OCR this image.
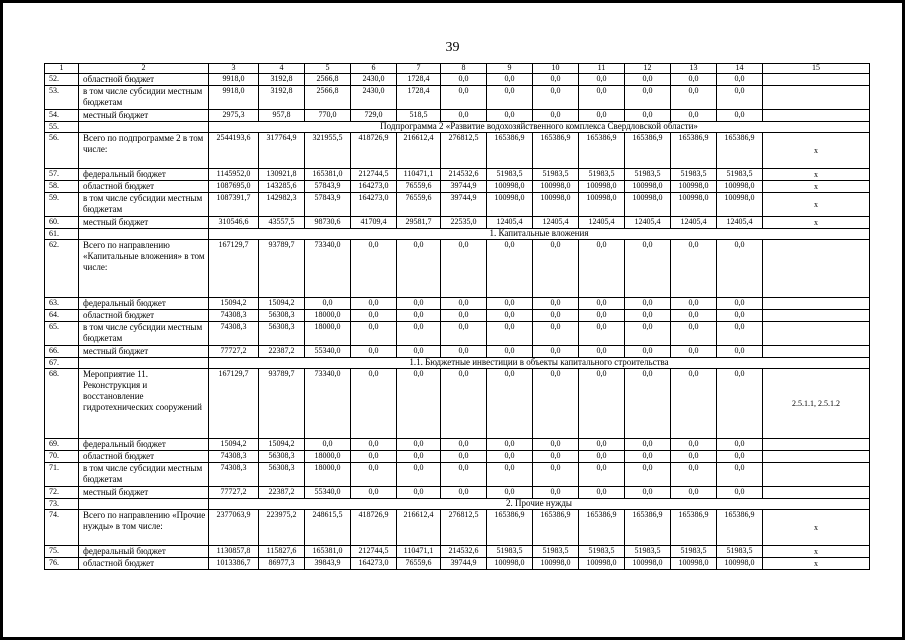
39
1	2	3	4	5	6	7	8	9	10	11	12	13	14	15
52.	областной бюджет	9918,0	3192,8	2566,8	2430,0	1728,4	0,0	0,0	0,0	0,0	0,0	0,0	0,0	
53.	в том числе субсидии местным бюджетам	9918,0	3192,8	2566,8	2430,0	1728,4	0,0	0,0	0,0	0,0	0,0	0,0	0,0	
54.	местный бюджет	2975,3	957,8	770,0	729,0	518,5	0,0	0,0	0,0	0,0	0,0	0,0	0,0	
55.		Подпрограмма 2 «Развитие водохозяйственного комплекса Свердловской области»												
56.	Всего по подпрограмме 2 в том числе:	2544193,6	317764,9	321955,5	418726,9	216612,4	276812,5	165386,9	165386,9	165386,9	165386,9	165386,9	165386,9	x
57.	федеральный бюджет	1145952,0	130921,8	165381,0	212744,5	110471,1	214532,6	51983,5	51983,5	51983,5	51983,5	51983,5	51983,5	x
58.	областной бюджет	1087695,0	143285,6	57843,9	164273,0	76559,6	39744,9	100998,0	100998,0	100998,0	100998,0	100998,0	100998,0	x
59.	в том числе субсидии местным бюджетам	1087391,7	142982,3	57843,9	164273,0	76559,6	39744,9	100998,0	100998,0	100998,0	100998,0	100998,0	100998,0	x
60.	местный бюджет	310546,6	43557,5	98730,6	41709,4	29581,7	22535,0	12405,4	12405,4	12405,4	12405,4	12405,4	12405,4	x
61.		1. Капитальные вложения												
62.	Всего по направлению «Капитальные вложения» в том числе:	167129,7	93789,7	73340,0	0,0	0,0	0,0	0,0	0,0	0,0	0,0	0,0	0,0	
63.	федеральный бюджет	15094,2	15094,2	0,0	0,0	0,0	0,0	0,0	0,0	0,0	0,0	0,0	0,0	
64.	областной бюджет	74308,3	56308,3	18000,0	0,0	0,0	0,0	0,0	0,0	0,0	0,0	0,0	0,0	
65.	в том числе субсидии местным бюджетам	74308,3	56308,3	18000,0	0,0	0,0	0,0	0,0	0,0	0,0	0,0	0,0	0,0	
66.	местный бюджет	77727,2	22387,2	55340,0	0,0	0,0	0,0	0,0	0,0	0,0	0,0	0,0	0,0	
67.		1.1. Бюджетные инвестиции в объекты капитального строительства												
68.	Мероприятие 11. Реконструкция и восстановление гидротехнических сооружений	167129,7	93789,7	73340,0	0,0	0,0	0,0	0,0	0,0	0,0	0,0	0,0	0,0	2.5.1.1, 2.5.1.2
69.	федеральный бюджет	15094,2	15094,2	0,0	0,0	0,0	0,0	0,0	0,0	0,0	0,0	0,0	0,0	
70.	областной бюджет	74308,3	56308,3	18000,0	0,0	0,0	0,0	0,0	0,0	0,0	0,0	0,0	0,0	
71.	в том числе субсидии местным бюджетам	74308,3	56308,3	18000,0	0,0	0,0	0,0	0,0	0,0	0,0	0,0	0,0	0,0	
72.	местный бюджет	77727,2	22387,2	55340,0	0,0	0,0	0,0	0,0	0,0	0,0	0,0	0,0	0,0	
73.		2. Прочие нужды												
74.	Всего по направлению «Прочие нужды» в том числе:	2377063,9	223975,2	248615,5	418726,9	216612,4	276812,5	165386,9	165386,9	165386,9	165386,9	165386,9	165386,9	x
75.	федеральный бюджет	1130857,8	115827,6	165381,0	212744,5	110471,1	214532,6	51983,5	51983,5	51983,5	51983,5	51983,5	51983,5	x
76.	областной бюджет	1013386,7	86977,3	39843,9	164273,0	76559,6	39744,9	100998,0	100998,0	100998,0	100998,0	100998,0	100998,0	x
